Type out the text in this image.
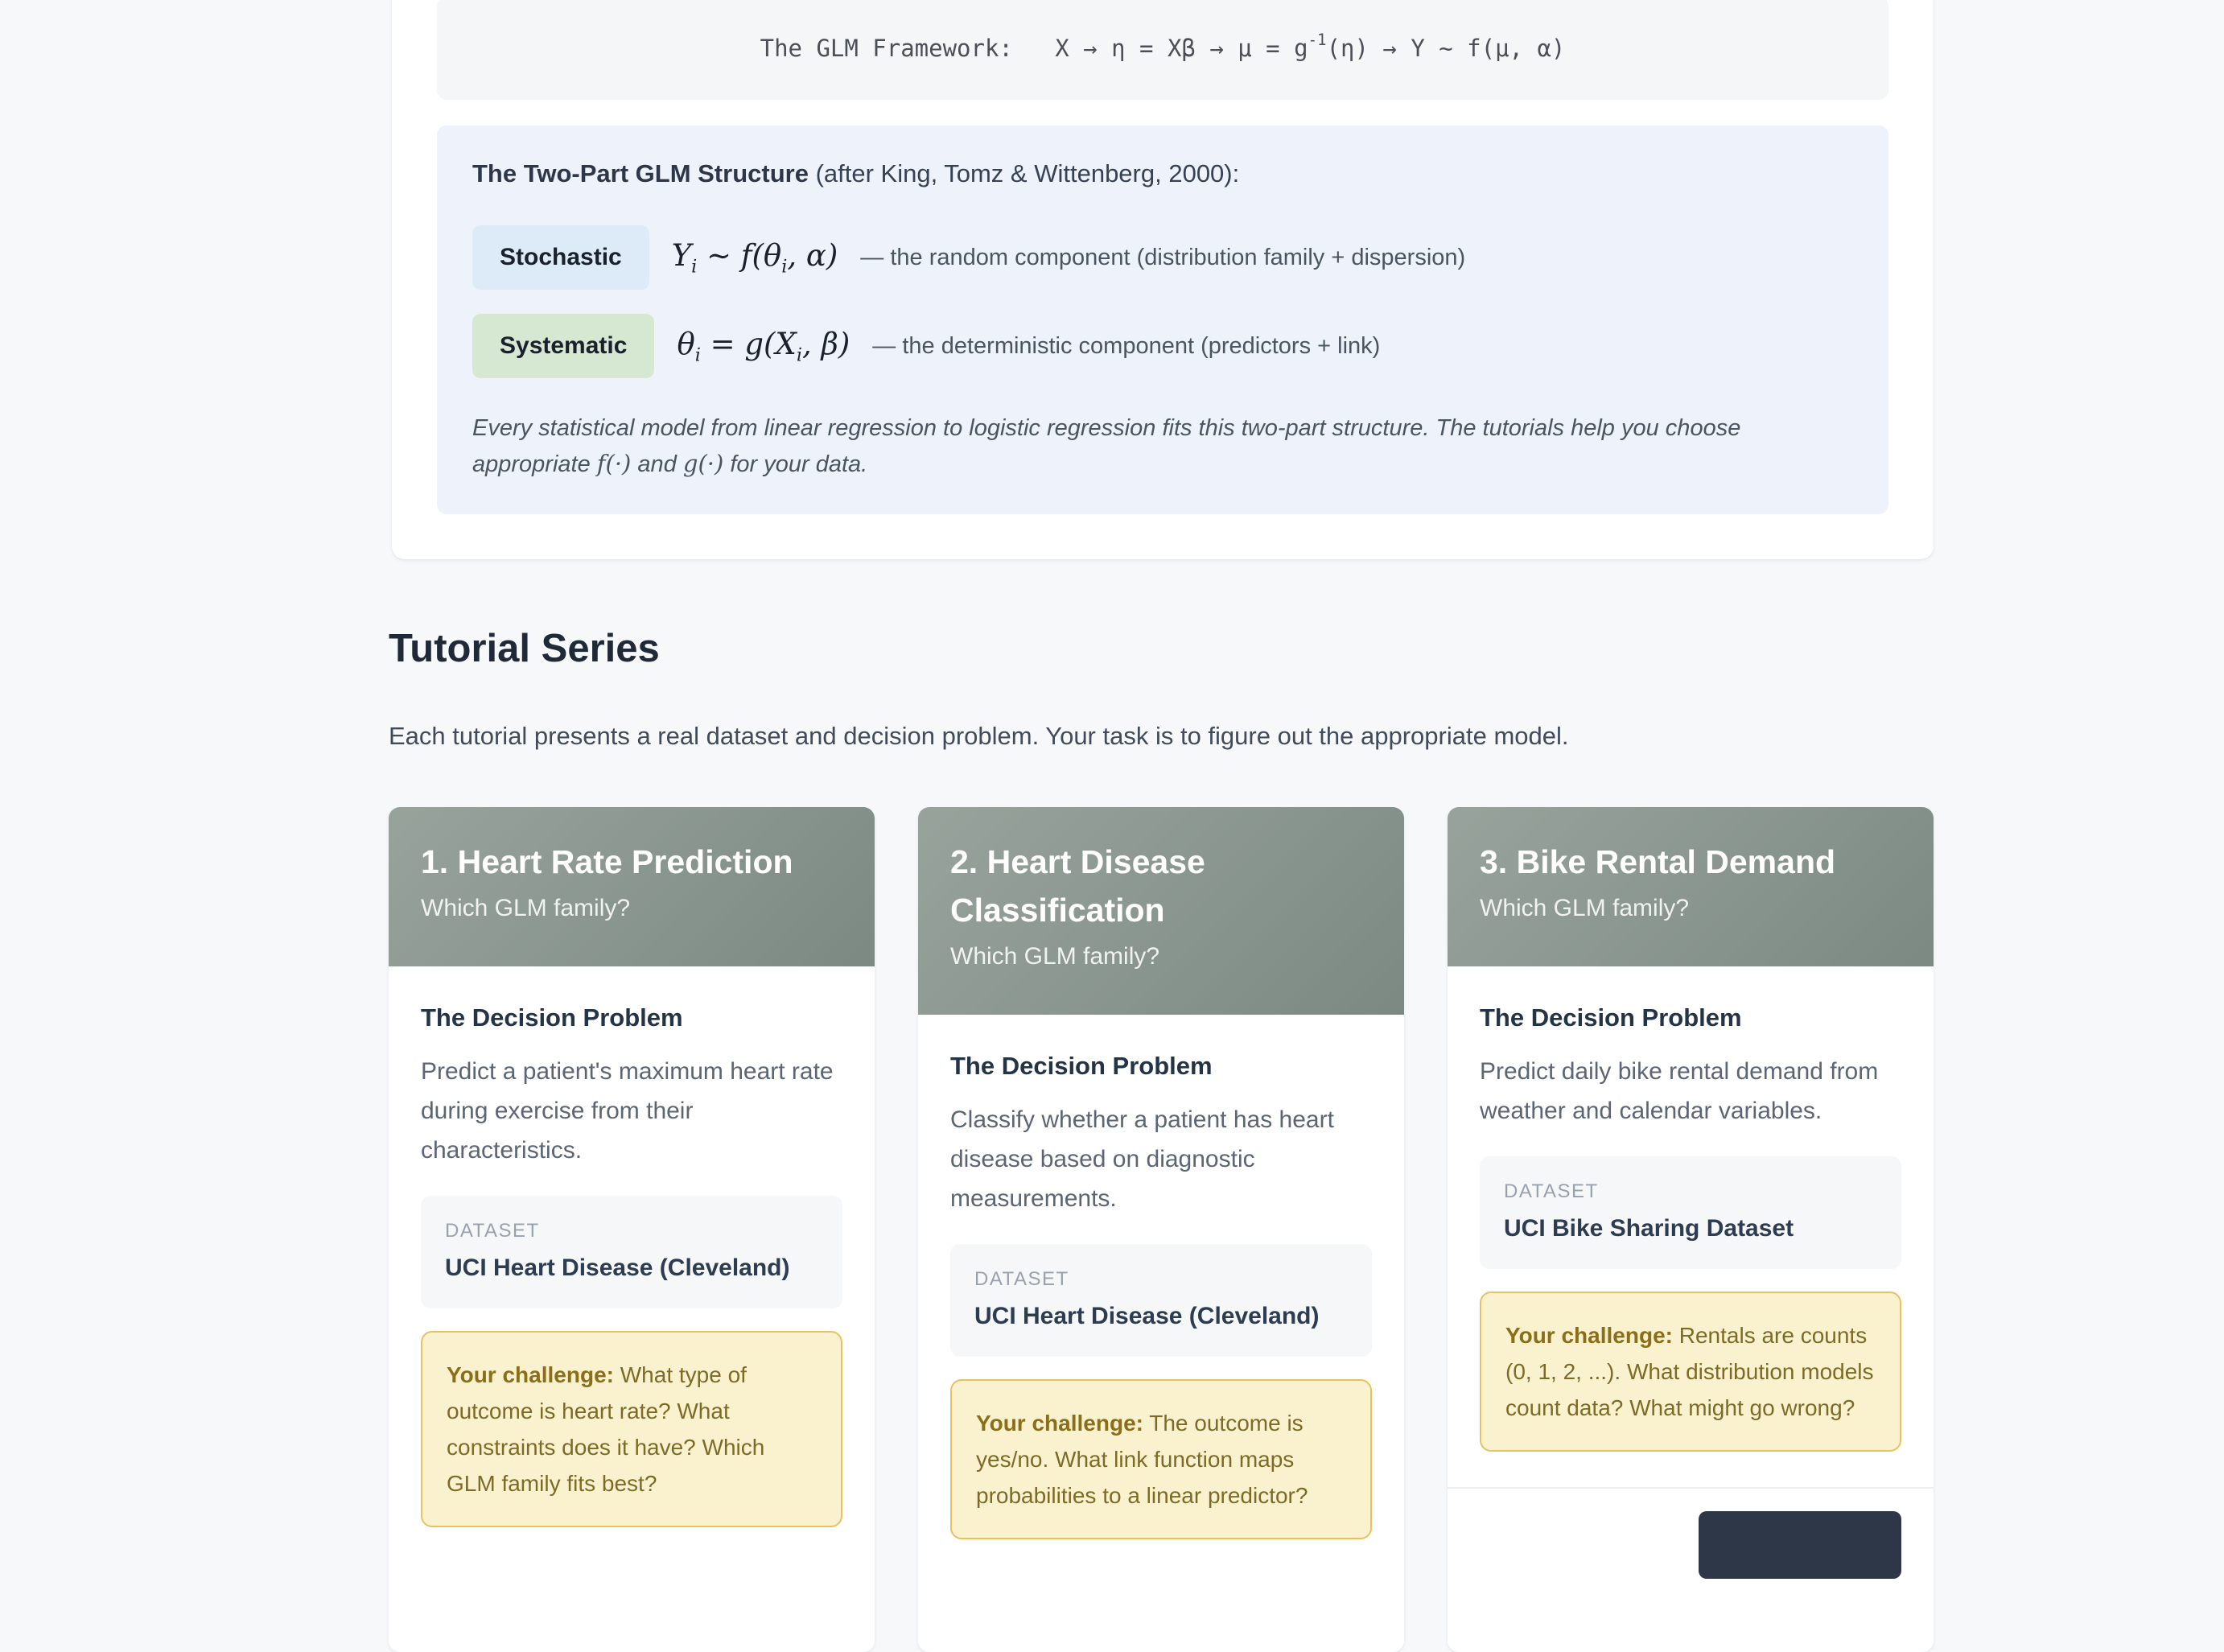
The GLM Framework: $X \to \eta = X\beta \to \mu = g^{-1}$ (η) → Y ~ f(μ, α)

The Two-Part GLM Structure (after King, Tomz & Wittenberg, 2000):

Stochastic	$Y_i$ ∼ $f(\theta_i$, α) — the random component (distribution family + dispersion)
Systematic	$\theta_i = g(X_i$, β) — the deterministic component (predictors + link)

Every statistical model from linear regression to logistic regression fits this two-part structure. The tutorials help you choose appropriate f(·) and g(·) for your data.

Tutorial Series

Each tutorial presents a real dataset and decision problem. Your task is to figure out the appropriate model.

1. Heart Rate Prediction
Which GLM family?
The Decision Problem

Predict a patient's maximum heart rate during exercise from their characteristics.

DATASET
UCI Heart Disease (Cleveland)
Your challenge: What type of outcome is heart rate? What constraints does it have? Which GLM family fits best?
2. Heart Disease Classification
Which GLM family?
The Decision Problem

Classify whether a patient has heart disease based on diagnostic measurements.

DATASET
UCI Heart Disease (Cleveland)
Your challenge: The outcome is yes/no. What link function maps probabilities to a linear predictor?
3. Bike Rental Demand
Which GLM family?
The Decision Problem

Predict daily bike rental demand from weather and calendar variables.

DATASET
UCI Bike Sharing Dataset
Your challenge: Rentals are counts (0, 1, 2, ...). What distribution models count data? What might go wrong?
